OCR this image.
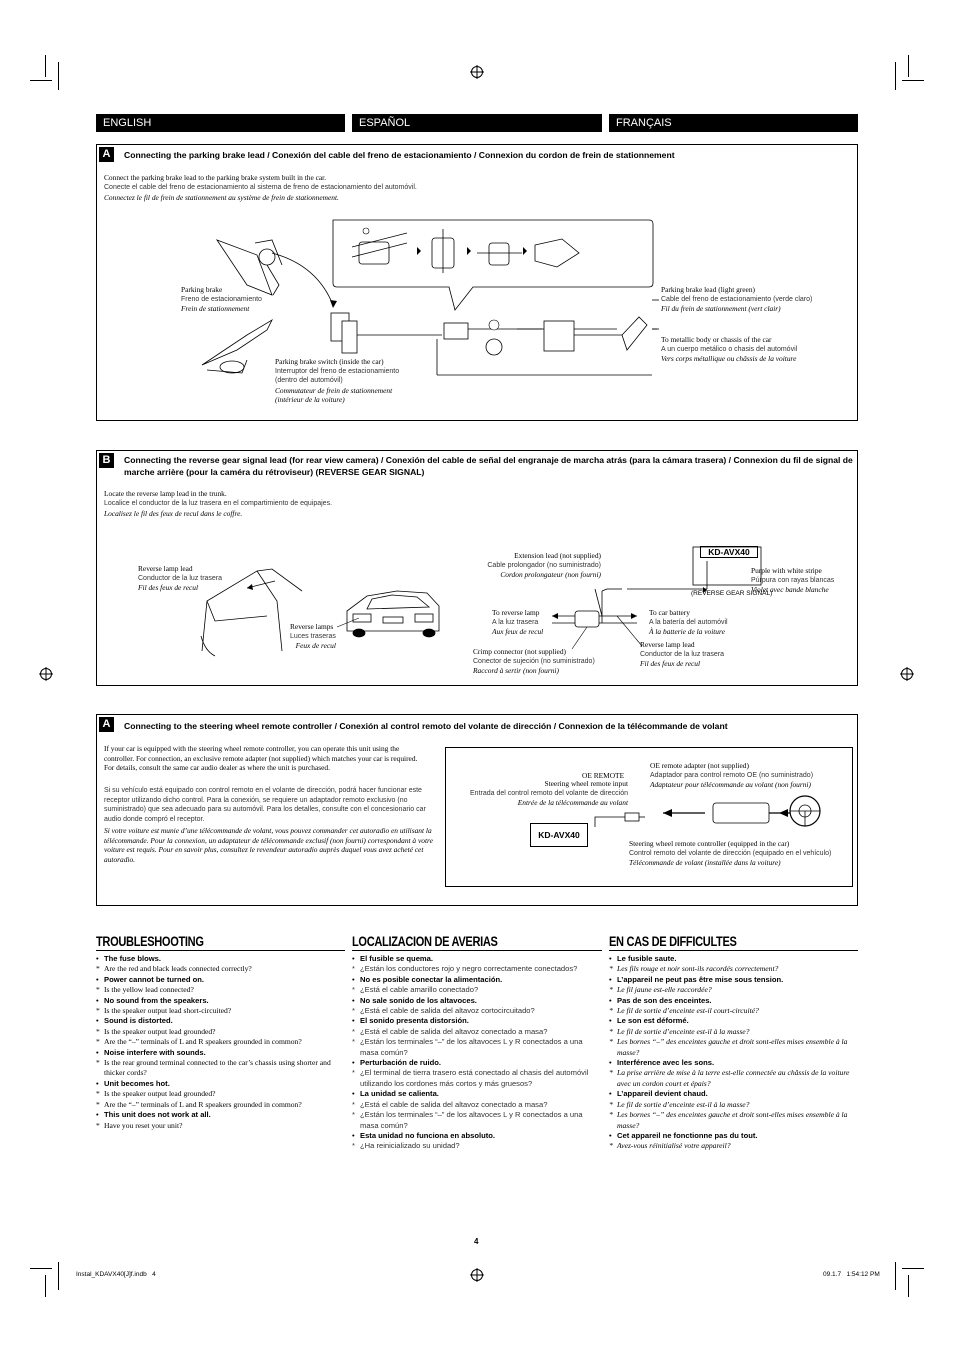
ENGLISH	ESPAÑOL	FRANÇAIS
A	Connecting the parking brake lead / Conexión del cable del freno de estacionamiento / Connexion du cordon de frein de stationnement
Connect the parking brake lead to the parking brake system built in the car.
Conecte el cable del freno de estacionamiento al sistema de freno de estacionamiento del automóvil.
Connectez le fil de frein de stationnement au système de frein de stationnement.
Parking brake
Freno de estacionamiento
Frein de stationnement
Parking brake switch (inside the car)
Interruptor del freno de estacionamiento
(dentro del automóvil)
Commutateur de frein de stationnement
(intérieur de la voiture)
Parking brake lead (light green)
Cable del freno de estacionamiento (verde claro)
Fil du frein de stationnement (vert clair)
To metallic body or chassis of the car
A un cuerpo metálico o chasis del automóvil
Vers corps métallique ou châssis de la voiture
B	Connecting the reverse gear signal lead (for rear view camera) / Conexión del cable de señal del engranaje de marcha atrás (para la cámara trasera) / Connexion du fil de signal de marche arrière (pour la caméra du rétroviseur) (REVERSE GEAR SIGNAL)
Locate the reverse lamp lead in the trunk.
Localice el conductor de la luz trasera en el compartimiento de equipajes.
Localisez le fil des feux de recul dans le coffre.
KD-AVX40
(REVERSE GEAR SIGNAL)
Reverse lamp lead
Conductor de la luz trasera
Fil des feux de recul
Reverse lamps
Luces traseras
Feux de recul
Extension lead (not supplied)
Cable prolongador (no suministrado)
Cordon prolongateur (non fourni)	Purple with white stripe
Púrpura con rayas blancas
Violet avec bande blanche
To reverse lamp
A la luz trasera
Aux feux de recul
To car battery
A la batería del automóvil
À la batterie de la voiture
Reverse lamp lead
Conductor de la luz trasera
Fil des feux de recul
Crimp connector (not supplied)
Conector de sujeción (no suministrado)
Raccord à sertir (non fourni)
A	Connecting to the steering wheel remote controller / Conexión al control remoto del volante de dirección / Connexion de la télécommande de volant
If your car is equipped with the steering wheel remote controller, you can operate this unit using the controller. For connection, an exclusive remote adapter (not supplied) which matches your car is required. For details, consult the same car audio dealer as where the unit is purchased.
Si su vehículo está equipado con control remoto en el volante de dirección, podrá hacer funcionar este receptor utilizando dicho control. Para la conexión, se requiere un adaptador remoto exclusivo (no suministrado) que sea adecuado para su automóvil. Para los detalles, consulte con el concesionario car audio donde compró el receptor.
Si votre voiture est munie d’une télécommande de volant, vous pouvez commander cet autoradio en utilisant la télécommande. Pour la connexion, un adaptateur de télécommande exclusif (non fourni) correspondant à votre voiture est requis. Pour en savoir plus, consultez le revendeur autoradio auprès duquel vous avez acheté cet autoradio.
KD-AVX40
OE REMOTE
Steering wheel remote input
Entrada del control remoto del volante de dirección
Entrée de la télécommande au volant
OE remote adapter (not supplied)
Adaptador para control remoto OE (no suministrado)
Adaptateur pour télécommande au volant (non fourni)
Steering wheel remote controller (equipped in the car)
Control remoto del volante de dirección (equipado en el vehículo)
Télécommande de volant (installée dans la voiture)
TROUBLESHOOTING
• The fuse blows.
* Are the red and black leads connected correctly?
• Power cannot be turned on.
* Is the yellow lead connected?
• No sound from the speakers.
* Is the speaker output lead short-circuited?
• Sound is distorted.
* Is the speaker output lead grounded?
* Are the “–” terminals of L and R speakers grounded in common?
• Noise interfere with sounds.
* Is the rear ground terminal connected to the car’s chassis using shorter and thicker cords?
• Unit becomes hot.
* Is the speaker output lead grounded?
* Are the “–” terminals of L and R speakers grounded in common?
• This unit does not work at all.
* Have you reset your unit?
LOCALIZACION DE AVERIAS
• El fusible se quema.
* ¿Están los conductores rojo y negro correctamente conectados?
• No es posible conectar la alimentación.
* ¿Está el cable amarillo conectado?
• No sale sonido de los altavoces.
* ¿Está el cable de salida del altavoz cortocircuitado?
• El sonido presenta distorsión.
* ¿Está el cable de salida del altavoz conectado a masa?
* ¿Están los terminales “–” de los altavoces L y R conectados a una masa común?
• Perturbación de ruido.
* ¿El terminal de tierra trasero está conectado al chasis del automóvil utilizando los cordones más cortos y más gruesos?
• La unidad se calienta.
* ¿Está el cable de salida del altavoz conectado a masa?
* ¿Están los terminales “–” de los altavoces L y R conectados a una masa común?
• Esta unidad no funciona en absoluto.
* ¿Ha reinicializado su unidad?
EN CAS DE DIFFICULTES
• Le fusible saute.
* Les fils rouge et noir sont-ils racordés correctement?
• L’appareil ne peut pas être mise sous tension.
* Le fil jaune est-elle raccordée?
• Pas de son des enceintes.
* Le fil de sortie d’enceinte est-il court-circuité?
• Le son est déformé.
* Le fil de sortie d’enceinte est-il à la masse?
* Les bornes “–” des enceintes gauche et droit sont-elles mises ensemble à la masse?
• Interférence avec les sons.
* La prise arrière de mise à la terre est-elle connectée au châssis de la voiture avec un cordon court et épais?
• L’appareil devient chaud.
* Le fil de sortie d’enceinte est-il à la masse?
* Les bornes “–” des enceintes gauche et droit sont-elles mises ensemble à la masse?
• Cet appareil ne fonctionne pas du tout.
* Avez-vous réinitialisé votre appareil?
4
Instal_KDAVX40[J]f.indb   4	09.1.7   1:54:12 PM
